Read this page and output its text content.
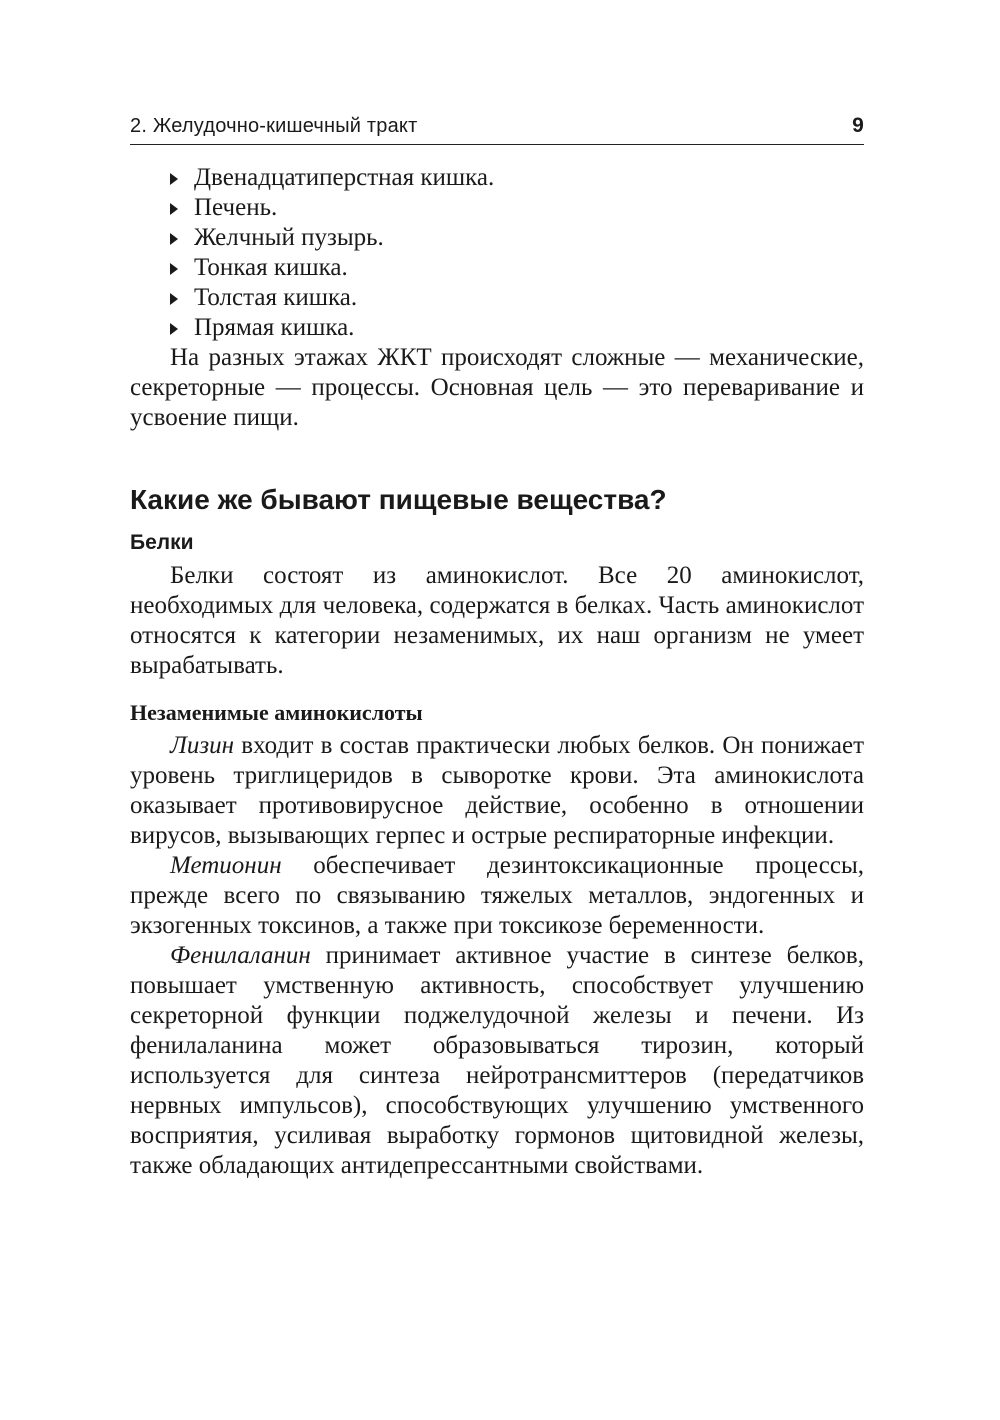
2. Желудочно-кишечный тракт	9
Двенадцатиперстная кишка.
Печень.
Желчный пузырь.
Тонкая кишка.
Толстая кишка.
Прямая кишка.

На разных этажах ЖКТ происходят сложные — механические, секреторные — процессы. Основная цель — это переваривание и усвоение пищи.

Какие же бывают пищевые вещества?
Белки

Белки состоят из аминокислот. Все 20 аминокислот, необходимых для человека, содержатся в белках. Часть аминокислот относятся к категории незаменимых, их наш организм не умеет вырабатывать.

Незаменимые аминокислоты

Лизин входит в состав практически любых белков. Он понижает уровень триглицеридов в сыворотке крови. Эта аминокислота оказывает противовирусное действие, особенно в отношении вирусов, вызывающих герпес и острые респираторные инфекции.

Метионин обеспечивает дезинтоксикационные процессы, прежде всего по связыванию тяжелых металлов, эндогенных и экзогенных токсинов, а также при токсикозе беременности.

Фенилаланин принимает активное участие в синтезе белков, повышает умственную активность, способствует улучшению секреторной функции поджелудочной железы и печени. Из фенилаланина может образовываться тирозин, который используется для синтеза нейротрансмиттеров (передатчиков нервных импульсов), способствующих улучшению умственного восприятия, усиливая выработку гормонов щитовидной железы, также обладающих антидепрессантными свойствами.
